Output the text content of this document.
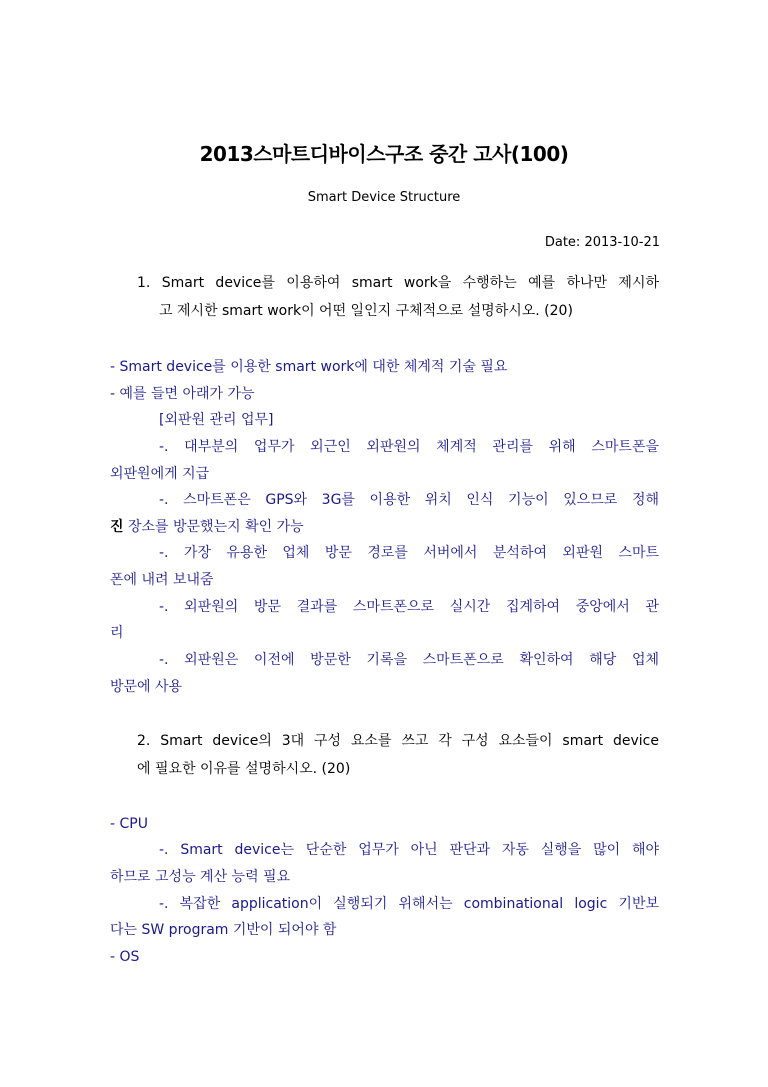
2013스마트디바이스구조 중간 고사(100)
Smart Device Structure
Date: 2013-10-21
1. Smart device를 이용하여 smart work을 수행하는 예를 하나만 제시하
고 제시한 smart work이 어떤 일인지 구체적으로 설명하시오. (20)
- Smart device를 이용한 smart work에 대한 체계적 기술 필요
- 예를 들면 아래가 가능
[외판원 관리 업무]
-. 대부분의 업무가 외근인 외판원의 체계적 관리를 위해 스마트폰을
외판원에게 지급
-. 스마트폰은 GPS와 3G를 이용한 위치 인식 기능이 있으므로 정해
진 장소를 방문했는지 확인 가능
-. 가장 유용한 업체 방문 경로를 서버에서 분석하여 외판원 스마트
폰에 내려 보내줌
-. 외판원의 방문 결과를 스마트폰으로 실시간 집계하여 중앙에서 관
리
-. 외판원은 이전에 방문한 기록을 스마트폰으로 확인하여 해당 업체
방문에 사용
2. Smart device의 3대 구성 요소를 쓰고 각 구성 요소들이 smart device
에 필요한 이유를 설명하시오. (20)
- CPU
-. Smart device는 단순한 업무가 아닌 판단과 자동 실행을 많이 해야
하므로 고성능 계산 능력 필요
-. 복잡한 application이 실행되기 위해서는 combinational logic 기반보
다는 SW program 기반이 되어야 함
- OS
